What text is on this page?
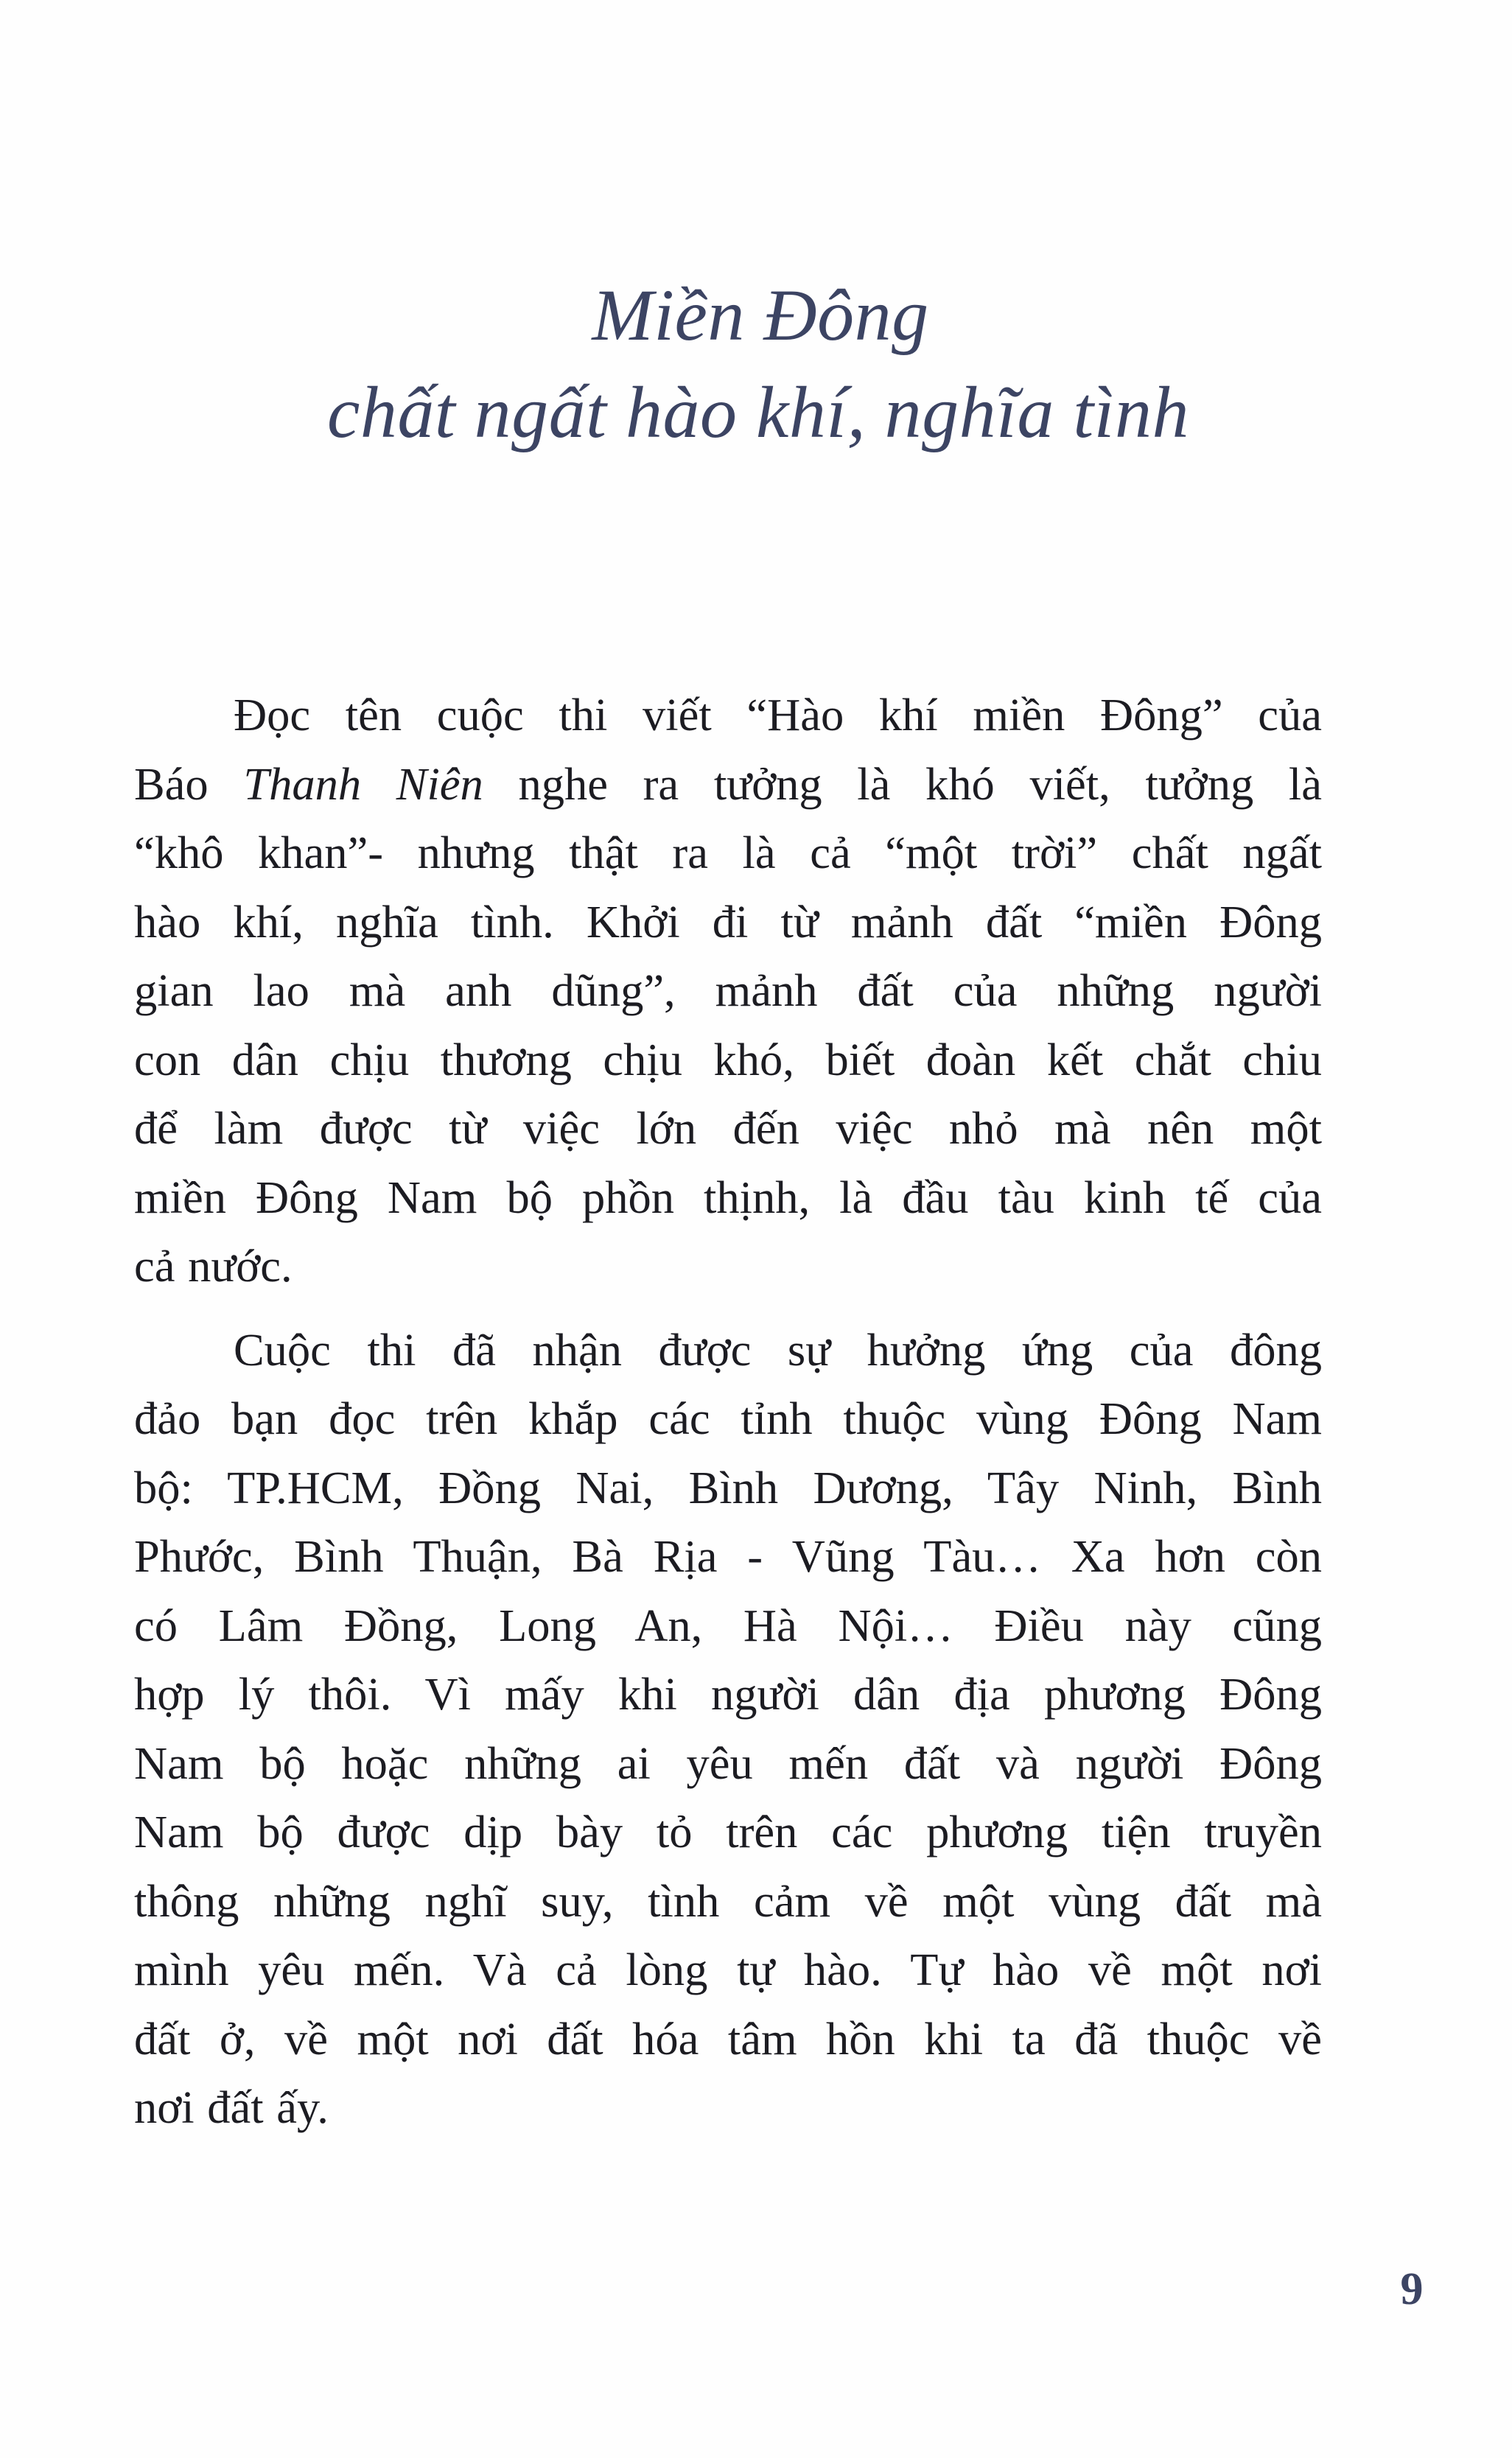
Miền Đông
chất ngất hào khí, nghĩa tình
Đọc tên cuộc thi viết “Hào khí miền Đông” của
Báo Thanh Niên nghe ra tưởng là khó viết, tưởng là
“khô khan”- nhưng thật ra là cả “một trời” chất ngất
hào khí, nghĩa tình. Khởi đi từ mảnh đất “miền Đông
gian lao mà anh dũng”, mảnh đất của những người
con dân chịu thương chịu khó, biết đoàn kết chắt chiu
để làm được từ việc lớn đến việc nhỏ mà nên một
miền Đông Nam bộ phồn thịnh, là đầu tàu kinh tế của
cả nước.
Cuộc thi đã nhận được sự hưởng ứng của đông
đảo bạn đọc trên khắp các tỉnh thuộc vùng Đông Nam
bộ: TP.HCM, Đồng Nai, Bình Dương, Tây Ninh, Bình
Phước, Bình Thuận, Bà Rịa - Vũng Tàu… Xa hơn còn
có Lâm Đồng, Long An, Hà Nội… Điều này cũng
hợp lý thôi. Vì mấy khi người dân địa phương Đông
Nam bộ hoặc những ai yêu mến đất và người Đông
Nam bộ được dịp bày tỏ trên các phương tiện truyền
thông những nghĩ suy, tình cảm về một vùng đất mà
mình yêu mến. Và cả lòng tự hào. Tự hào về một nơi
đất ở, về một nơi đất hóa tâm hồn khi ta đã thuộc về
nơi đất ấy.
9
